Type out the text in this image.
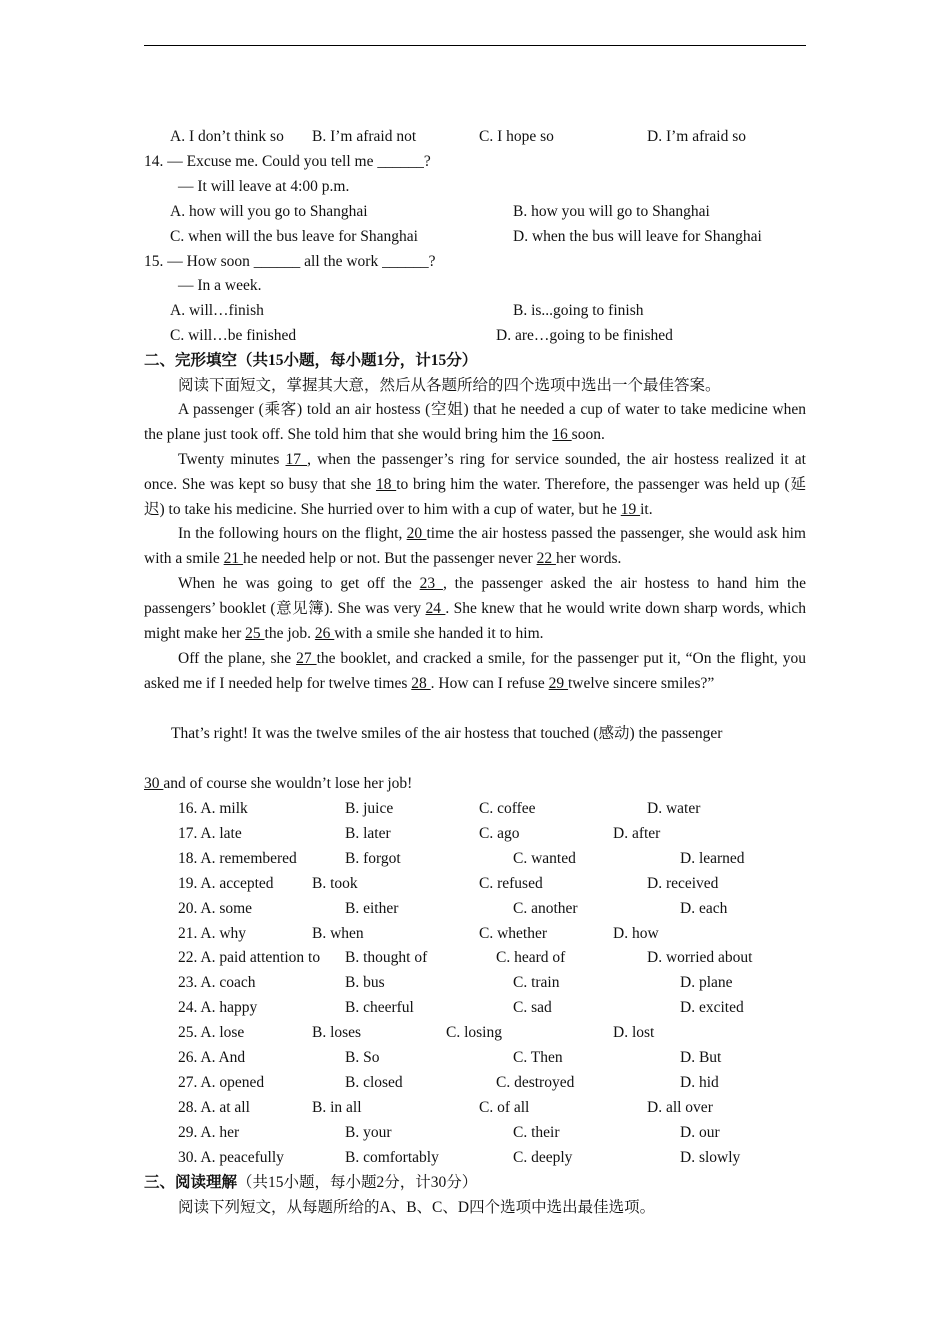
A. I don’t think so B. I’m afraid not	C. I hope so	D. I’m afraid so
14. — Excuse me. Could you tell me ______?
— It will leave at 4:00 p.m.
A. how will you go to Shanghai	B. how you will go to Shanghai
C. when will the bus leave for Shanghai	D. when the bus will leave for Shanghai
15. — How soon ______ all the work ______?
— In a week.
A. will…finish	B. is...going to finish
C. will…be finished	D. are…going to be finished
二、完形填空（共15小题，每小题1分，计15分）
阅读下面短文，掌握其大意，然后从各题所给的四个选项中选出一个最佳答案。
A passenger (乘客) told an air hostess (空姐) that he needed a cup of water to take medicine when the plane just took off. She told him that she would bring him the 16 soon.
Twenty minutes 17 , when the passenger’s ring for service sounded, the air hostess realized it at once. She was kept so busy that she 18 to bring him the water. Therefore, the passenger was held up (延迟) to take his medicine. She hurried over to him with a cup of water, but he 19 it.
In the following hours on the flight, 20 time the air hostess passed the passenger, she would ask him with a smile 21 he needed help or not. But the passenger never 22 her words.
When he was going to get off the 23 , the passenger asked the air hostess to hand him the passengers’ booklet (意见簿). She was very 24 . She knew that he would write down sharp words, which might make her 25 the job. 26 with a smile she handed it to him.
Off the plane, she 27 the booklet, and cracked a smile, for the passenger put it, “On the flight, you asked me if I needed help for twelve times 28 . How can I refuse 29 twelve sincere smiles?”
That’s right! It was the twelve smiles of the air hostess that touched (感动) the passenger
30 and of course she wouldn’t lose her job!
16. A. milk	B. juice	C. coffee	D. water
17. A. late	B. later	C. ago	D. after
18. A. remembered	B. forgot	C. wanted	D. learned
19. A. accepted B. took	C. refused	D. received
20. A. some	B. either	C. another	D. each
21. A. why	B. when	C. whether	D. how
22. A. paid attention to B. thought of	C. heard of	D. worried about
23. A. coach	B. bus	C. train	D. plane
24. A. happy	B. cheerful	C. sad	D. excited
25. A. lose	B. loses	C. losing	D. lost
26. A. And	B. So	C. Then	D. But
27. A. opened	B. closed	C. destroyed	D. hid
28. A. at all	B. in all	C. of all	D. all over
29. A. her	B. your	C. their	D. our
30. A. peacefully	B. comfortably	C. deeply	D. slowly
三、阅读理解（共15小题，每小题2分，计30分）
阅读下列短文，从每题所给的A、B、C、D四个选项中选出最佳选项。
